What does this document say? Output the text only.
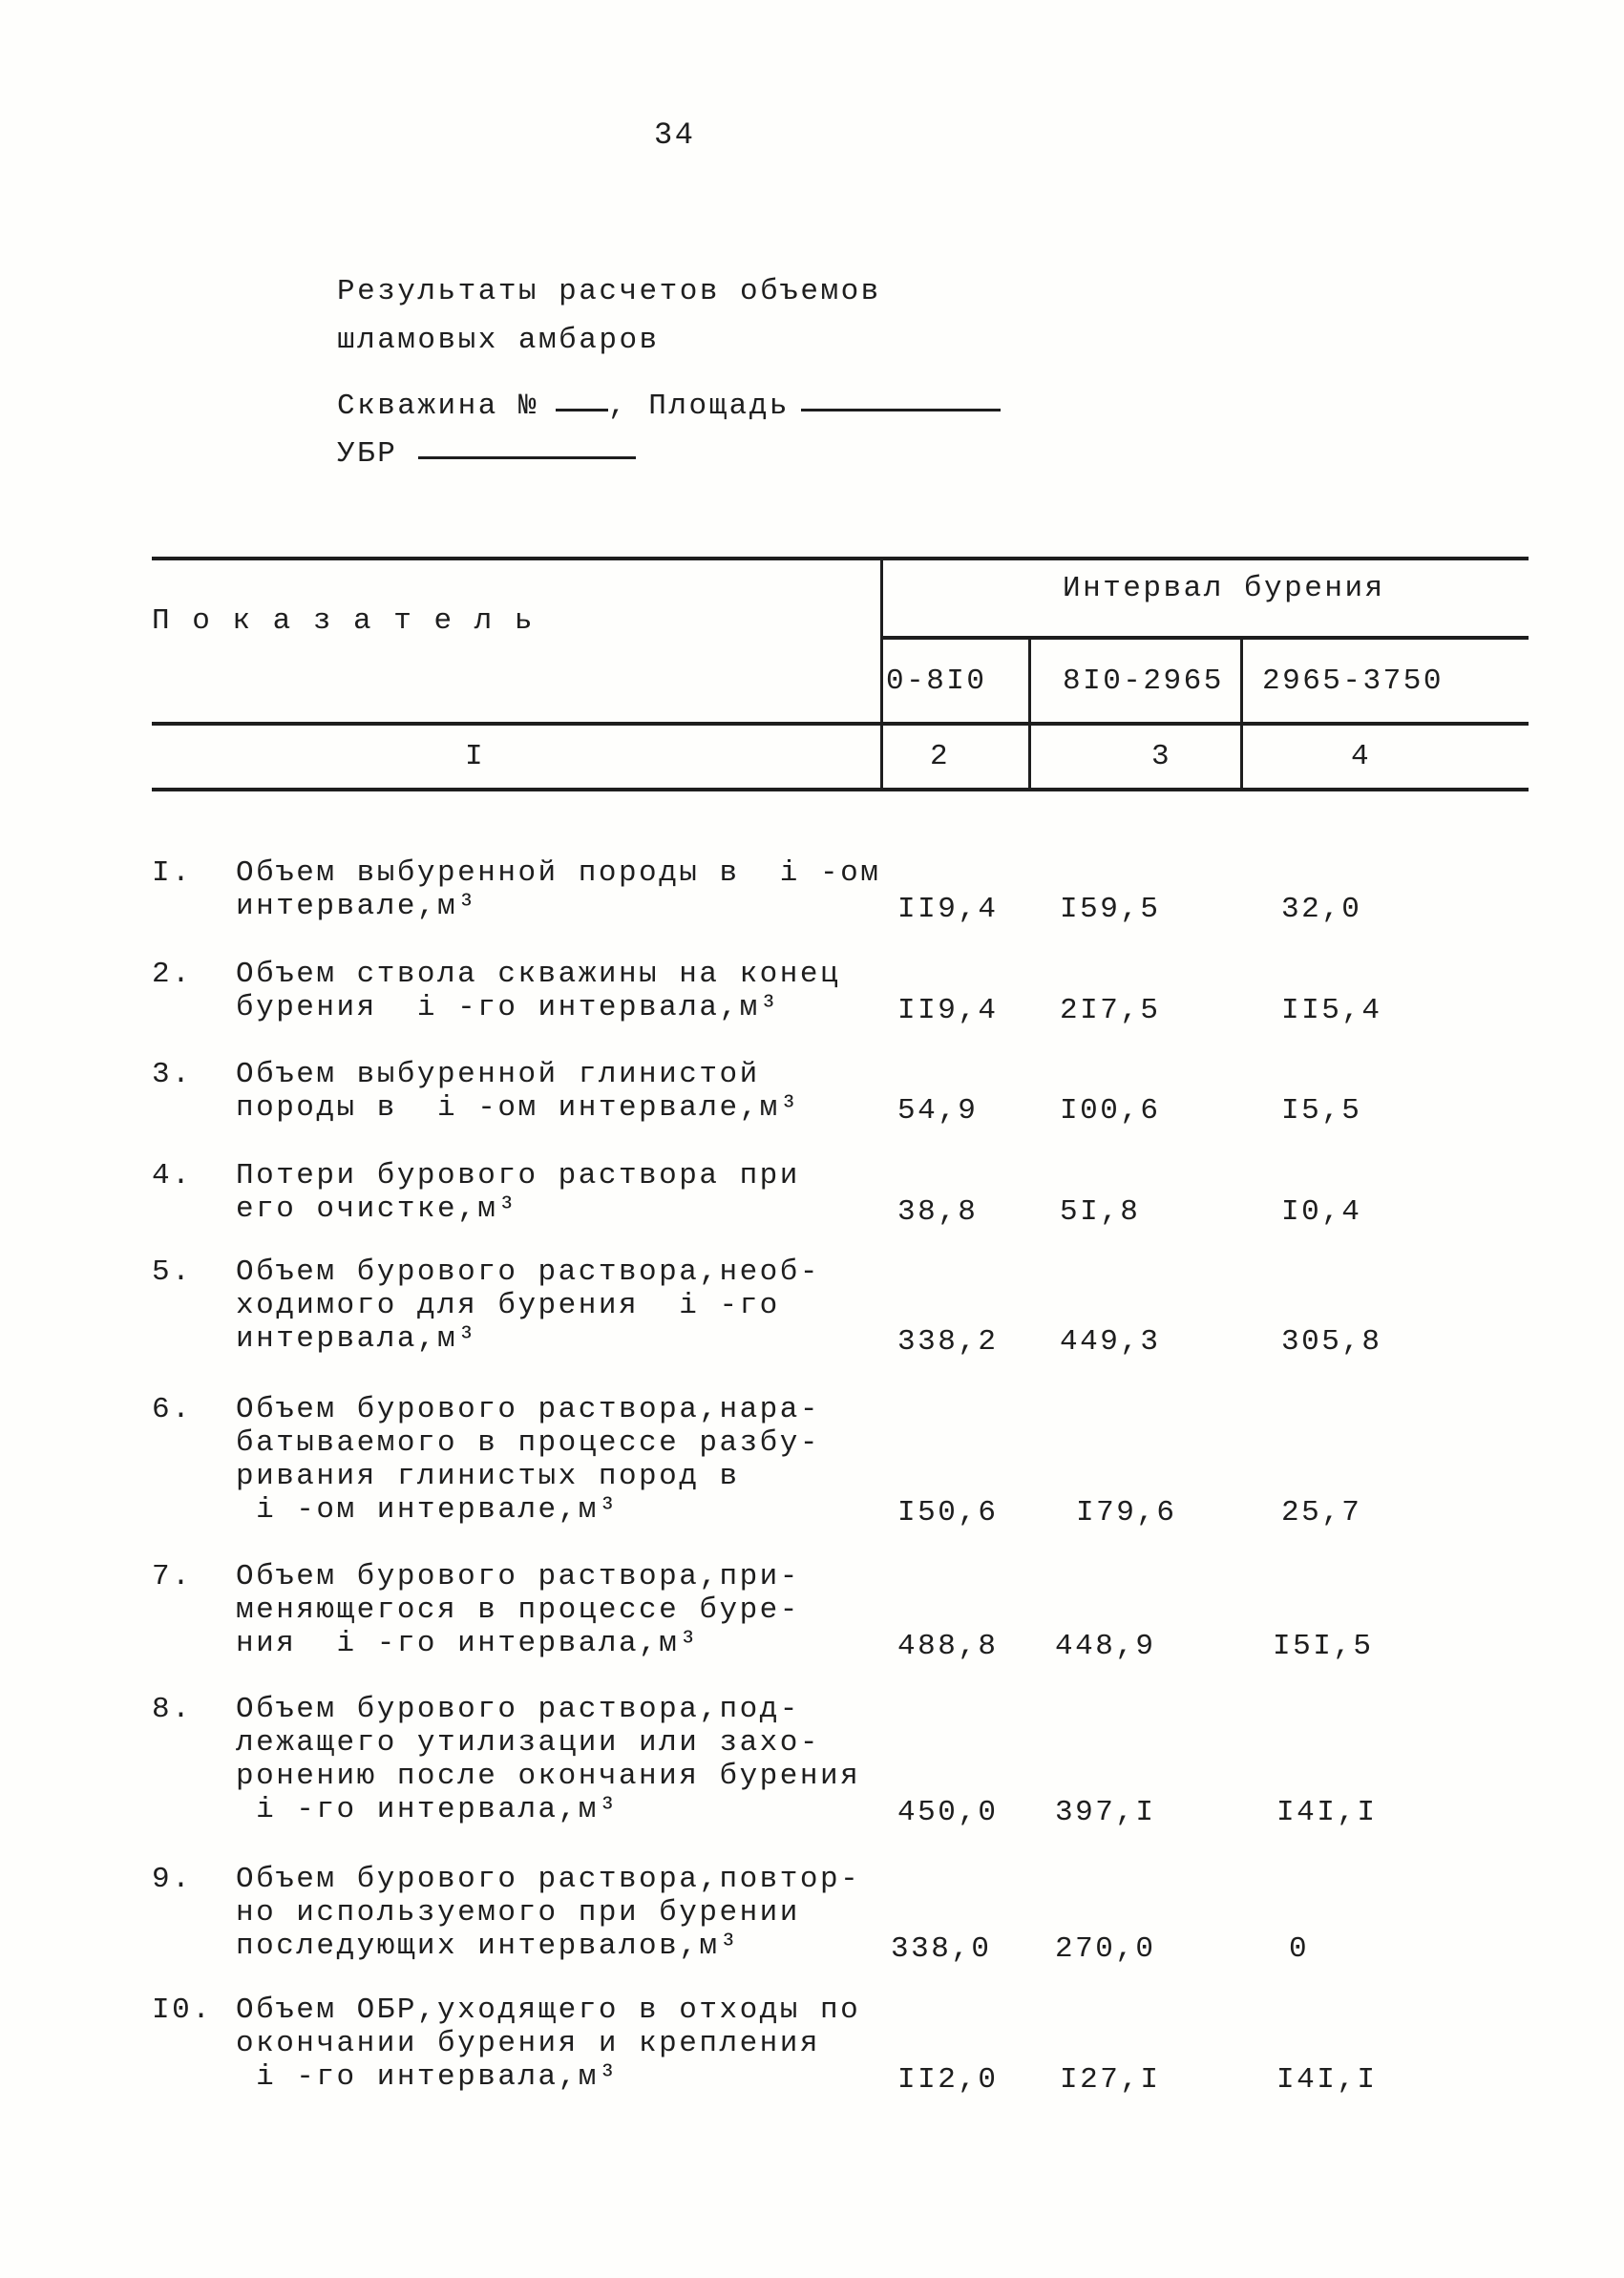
34
Результаты расчетов объемов
шламовых амбаров
Скважина № , Площадь
УБР
П о к а з а т е л ь
Интервал бурения
0-8I0	8I0-2965 2965-3750
I	2	3	4
I. Объем выбуренной породы в  i -ом
интервале,м³	II9,4 I59,5	32,0
2. Объем ствола скважины на конец
бурения  i -го интервала,м³	II9,4 2I7,5	II5,4
3. Объем выбуренной глинистой
породы в  i -ом интервале,м³	54,9	I00,6	I5,5
4. Потери бурового раствора при
его очистке,м³	38,8	5I,8	I0,4
5. Объем бурового раствора,необ-
ходимого для бурения  i -го
интервала,м³	338,2 449,3	305,8
6. Объем бурового раствора,нара-
батываемого в процессе разбу-
ривания глинистых пород в
i -ом интервале,м³	I50,6	I79,6	25,7
7. Объем бурового раствора,при-
меняющегося в процессе буре-
ния  i -го интервала,м³	488,8 448,9	I5I,5
8. Объем бурового раствора,под-
лежащего утилизации или захо-
ронению после окончания бурения
i -го интервала,м³	450,0 397,I	I4I,I
9. Объем бурового раствора,повтор-
но используемого при бурении
последующих интервалов,м³	338,0 270,0	0
I0. Объем ОБР,уходящего в отходы по
окончании бурения и крепления
i -го интервала,м³	II2,0 I27,I	I4I,I
